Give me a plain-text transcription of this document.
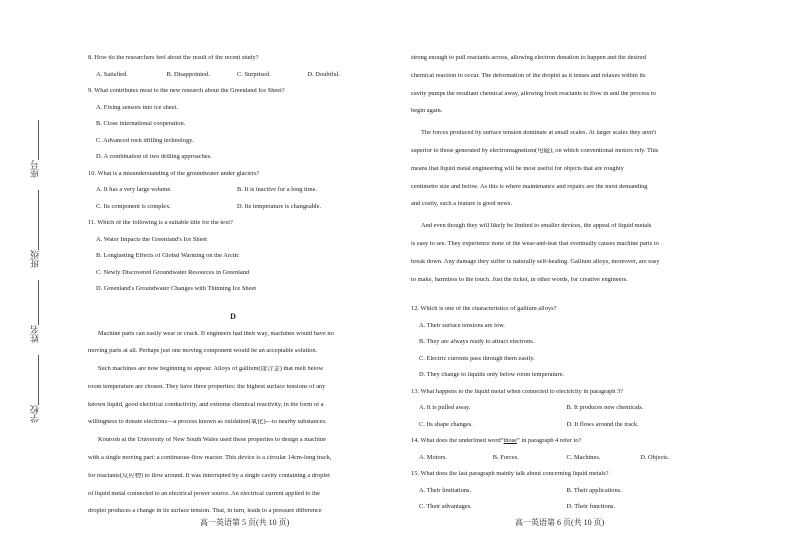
座号
班级
姓名
学校
8. How do the researchers feel about the result of the recent study?
A. Satisfied.	B. Disappointed.	C. Surprised.	D. Doubtful.
9. What contributes most to the new research about the Greenland Ice Sheet?
A. Fixing sensors into ice sheet.
B. Close international cooperation.
C. Advanced rock drilling technology.
D. A combination of two drilling approaches.
10. What is a misunderstanding of the groundwater under glaciers?
A. It has a very large volume.	B. It is inactive for a long time.
C. Its component is complex.	D. Its temperature is changeable.
11. Which of the following is a suitable title for the text?
A. Water Impacts the Greenland's Ice Sheet
B. Longlasting Effects of Global Warming on the Arctic
C. Newly Discovered Groundwater Resources in Greenland
D. Greenland's Groundwater Changes with Thinning Ice Sheet
D
Machine parts can easily wear or crack. If engineers had their way, machines would have no
moving parts at all. Perhaps just one moving component would be an acceptable solution.
Such machines are now beginning to appear. Alloys of gallium(镓合金) that melt below
room temperature are chosen. They have three properties: the highest surface tensions of any
known liquid, good electrical conductivity, and extreme chemical reactivity, in the form of a
willingness to donate electrons—a process known as oxidation(氧化)—to nearby substances.
Kourosh at the University of New South Wales used these properties to design a machine
with a single moving part: a continuous-flow reactor. This device is a circular 14cm-long track,
for reactants(反应物) to flow around. It was interrupted by a single cavity containing a droplet
of liquid metal connected to an electrical power source. An electrical current applied to the
droplet produces a change in its surface tension. That, in turn, leads to a pressure difference
高一英语第 5 页(共 10 页)
strong enough to pull reactants across, allowing electron donation to happen and the desired
chemical reaction to occur. The deformation of the droplet as it tenses and relaxes within its
cavity pumps the resultant chemical away, allowing fresh reactants to flow in and the process to
begin again.
The forces produced by surface tension dominate at small scales. At larger scales they aren't
superior to those generated by electromagnetism(电磁), on which conventional motors rely. This
means that liquid metal engineering will be most useful for objects that are roughly
centimetre size and below. As this is where maintenance and repairs are the most demanding
and costly, such a feature is good news.
And even though they will likely be limited to smaller devices, the appeal of liquid metals
is easy to see. They experience none of the wear-and-tear that eventually causes machine parts to
break down. Any damage they suffer is naturally self-healing. Gallium alloys, moreover, are easy
to make, harmless to the touch. Just the ticket, in other words, for creative engineers.
12. Which is one of the characteristics of gallium alloys?
A. Their surface tensions are low.
B. They are always ready to attract electrons.
C. Electric currents pass through them easily.
D. They change to liquids only below room temperature.
13. What happens to the liquid metal when connected to electricity in paragraph 3?
A. It is pulled away.	B. It produces new chemicals.
C. Its shape changes.	D. It flows around the track.
14. What does the underlined word“those” in paragraph 4 refer to?
A. Motors.	B. Forces.	C. Machines.	D. Objects.
15. What does the last paragraph mainly talk about concerning liquid metals?
A. Their limitations.	B. Their applications.
C. Their advantages.	D. Their functions.
高一英语第 6 页(共 10 页)
